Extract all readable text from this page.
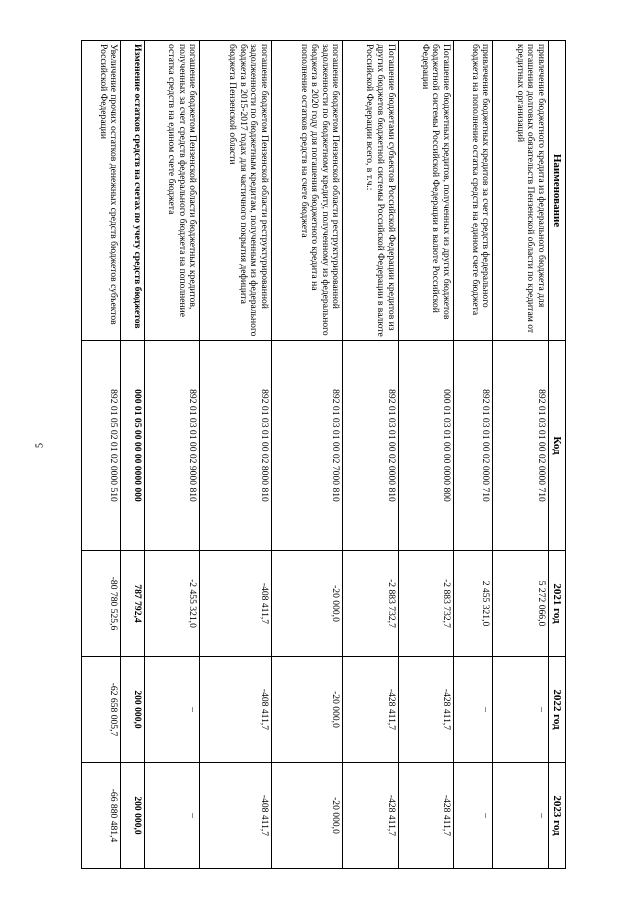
5
Наименование	Код	2021 год	2022 год	2023 год
привлечение бюджетного кредита из федерального бюджета для погашения долговых обязательств Пензенской области по кредитам от кредитных организаций	892 01 03 01 00 02 0000 710	5 272 066,0	–	–
привлечение бюджетных кредитов за счет средств федерального бюджета на пополнение остатка средств на едином счете бюджета	892 01 03 01 00 02 0000 710	2 455 321,0	–	–
Погашение бюджетных кредитов, полученных из других бюджетов бюджетной системы Российской Федерации в валюте Российской Федерации	000 01 03 01 00 00 0000 800	-2 883 732,7	-428 411,7	-428 411,7
Погашение бюджетами субъектов Российской Федерации кредитов из других бюджетов бюджетной системы Российской Федерации в валюте Российской Федерации всего, в т.ч.:	892 01 03 01 00 02 0000 810	-2 883 732,7	-428 411,7	-428 411,7
погашение бюджетом Пензенской области реструктурированной задолженности по бюджетному кредиту, полученному из федерального бюджета в 2020 году для погашения бюджетного кредита на пополнение остатков средств на счете бюджета	892 01 03 01 00 02 7000 810	-20 000,0	-20 000,0	-20 000,0
погашение бюджетом Пензенской области реструктурированной задолженности по бюджетным кредитам, полученным из федерального бюджета в 2015-2017 годах для частичного покрытия дефицита бюджета Пензенской области	892 01 03 01 00 02 8000 810	-408 411,7	-408 411,7	-408 411,7
погашение бюджетом Пензенской области бюджетных кредитов, полученных за счет средств федерального бюджета на пополнение остатка средств на едином счете бюджета	892 01 03 01 00 02 9000 810	-2 455 321,0	–	–
Изменение остатков средств на счетах по учету средств бюджетов	000 01 05 00 00 00 0000 000	787 792,4	200 000,0	200 000,0
Увеличение прочих остатков денежных средств бюджетов субъектов Российской Федерации	892 01 05 02 01 02 0000 510	-80 780 525,6	-62 658 005,7	-66 880 481,4
